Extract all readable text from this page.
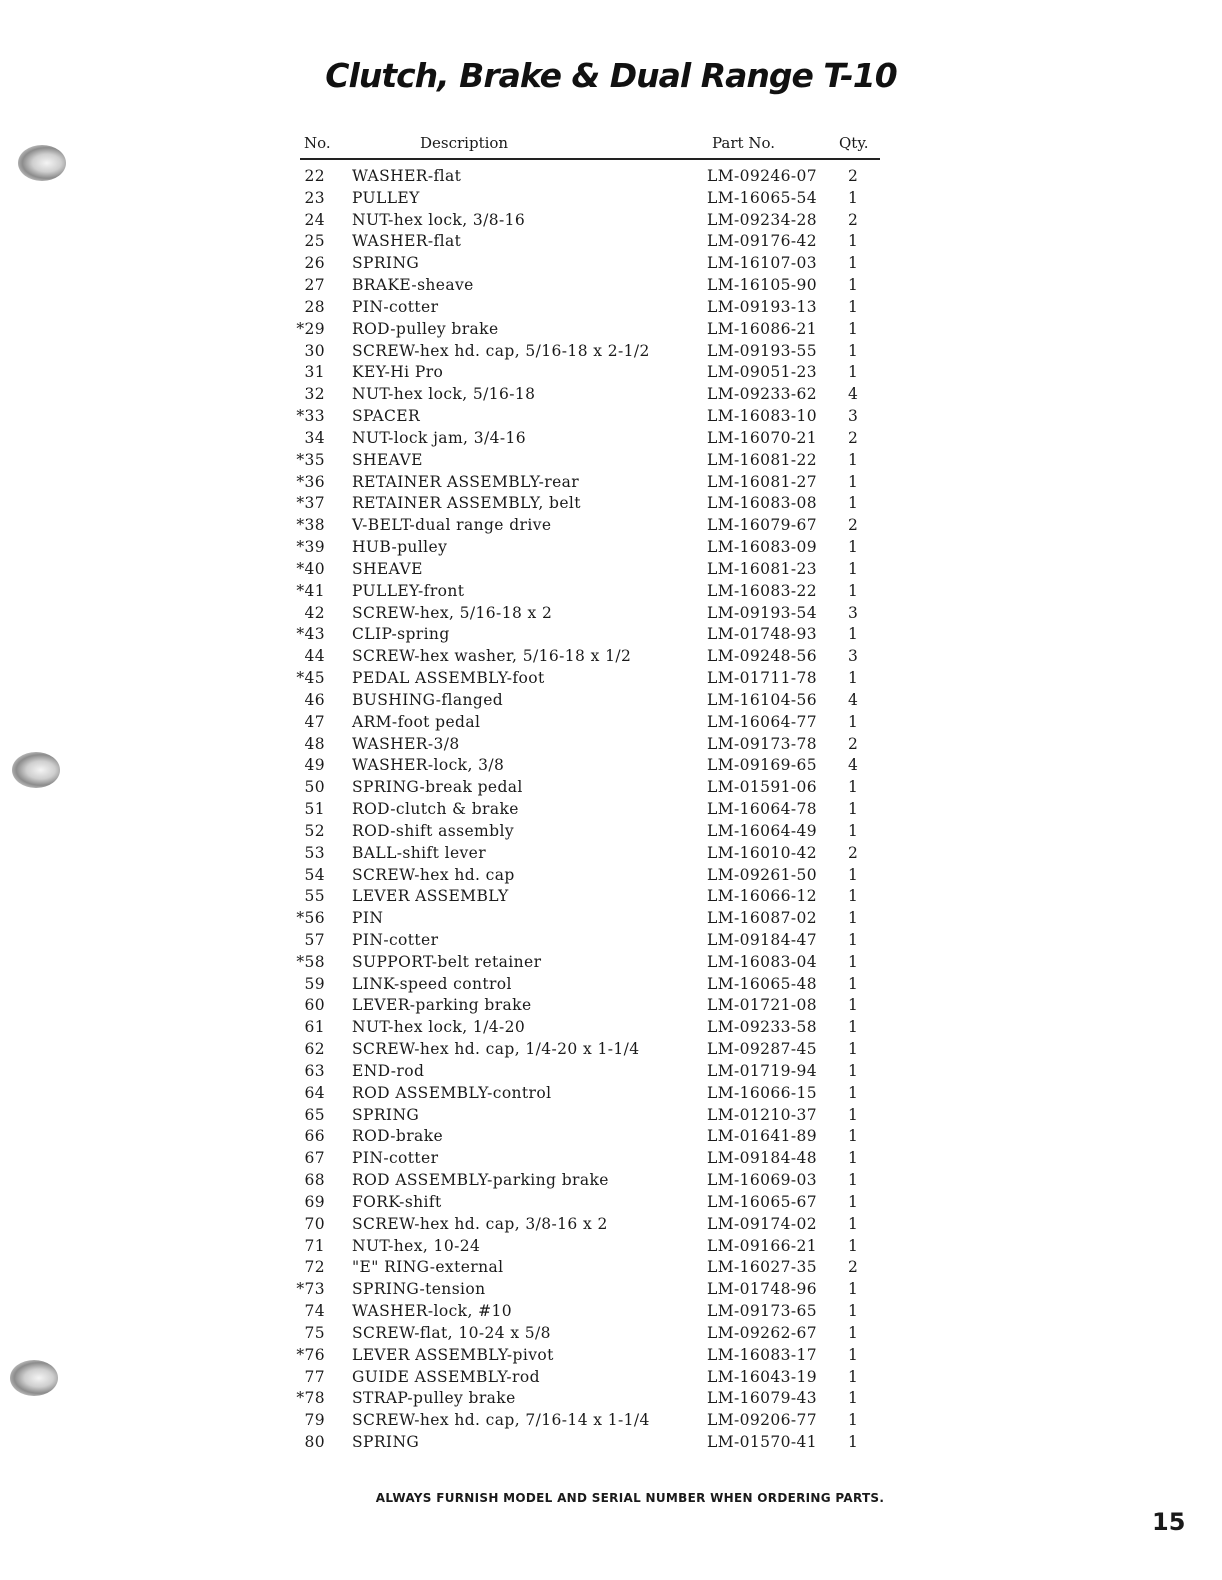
Clutch, Brake & Dual Range T-10
No.	Description	Part No.	Qty.
22 WASHER-flat	LM-09246-07 2
23 PULLEY	LM-16065-54 1
24 NUT-hex lock, 3/8-16	LM-09234-28 2
25 WASHER-flat	LM-09176-42 1
26 SPRING	LM-16107-03 1
27 BRAKE-sheave	LM-16105-90 1
28 PIN-cotter	LM-09193-13 1
*29 ROD-pulley brake	LM-16086-21 1
30 SCREW-hex hd. cap, 5/16-18 x 2-1/2	LM-09193-55 1
31 KEY-Hi Pro	LM-09051-23 1
32 NUT-hex lock, 5/16-18	LM-09233-62 4
*33 SPACER	LM-16083-10 3
34 NUT-lock jam, 3/4-16	LM-16070-21 2
*35 SHEAVE	LM-16081-22 1
*36 RETAINER ASSEMBLY-rear	LM-16081-27 1
*37 RETAINER ASSEMBLY, belt	LM-16083-08 1
*38 V-BELT-dual range drive	LM-16079-67 2
*39 HUB-pulley	LM-16083-09 1
*40 SHEAVE	LM-16081-23 1
*41 PULLEY-front	LM-16083-22 1
42 SCREW-hex, 5/16-18 x 2	LM-09193-54 3
*43 CLIP-spring	LM-01748-93 1
44 SCREW-hex washer, 5/16-18 x 1/2	LM-09248-56 3
*45 PEDAL ASSEMBLY-foot	LM-01711-78 1
46 BUSHING-flanged	LM-16104-56 4
47 ARM-foot pedal	LM-16064-77 1
48 WASHER-3/8	LM-09173-78 2
49 WASHER-lock, 3/8	LM-09169-65 4
50 SPRING-break pedal	LM-01591-06 1
51 ROD-clutch & brake	LM-16064-78 1
52 ROD-shift assembly	LM-16064-49 1
53 BALL-shift lever	LM-16010-42 2
54 SCREW-hex hd. cap	LM-09261-50 1
55 LEVER ASSEMBLY	LM-16066-12 1
*56 PIN	LM-16087-02 1
57 PIN-cotter	LM-09184-47 1
*58 SUPPORT-belt retainer	LM-16083-04 1
59 LINK-speed control	LM-16065-48 1
60 LEVER-parking brake	LM-01721-08 1
61 NUT-hex lock, 1/4-20	LM-09233-58 1
62 SCREW-hex hd. cap, 1/4-20 x 1-1/4	LM-09287-45 1
63 END-rod	LM-01719-94 1
64 ROD ASSEMBLY-control	LM-16066-15 1
65 SPRING	LM-01210-37 1
66 ROD-brake	LM-01641-89 1
67 PIN-cotter	LM-09184-48 1
68 ROD ASSEMBLY-parking brake	LM-16069-03 1
69 FORK-shift	LM-16065-67 1
70 SCREW-hex hd. cap, 3/8-16 x 2	LM-09174-02 1
71 NUT-hex, 10-24	LM-09166-21 1
72 "E" RING-external	LM-16027-35 2
*73 SPRING-tension	LM-01748-96 1
74 WASHER-lock, #10	LM-09173-65 1
75 SCREW-flat, 10-24 x 5/8	LM-09262-67 1
*76 LEVER ASSEMBLY-pivot	LM-16083-17 1
77 GUIDE ASSEMBLY-rod	LM-16043-19 1
*78 STRAP-pulley brake	LM-16079-43 1
79 SCREW-hex hd. cap, 7/16-14 x 1-1/4	LM-09206-77 1
80 SPRING	LM-01570-41 1
ALWAYS FURNISH MODEL AND SERIAL NUMBER WHEN ORDERING PARTS.
15
